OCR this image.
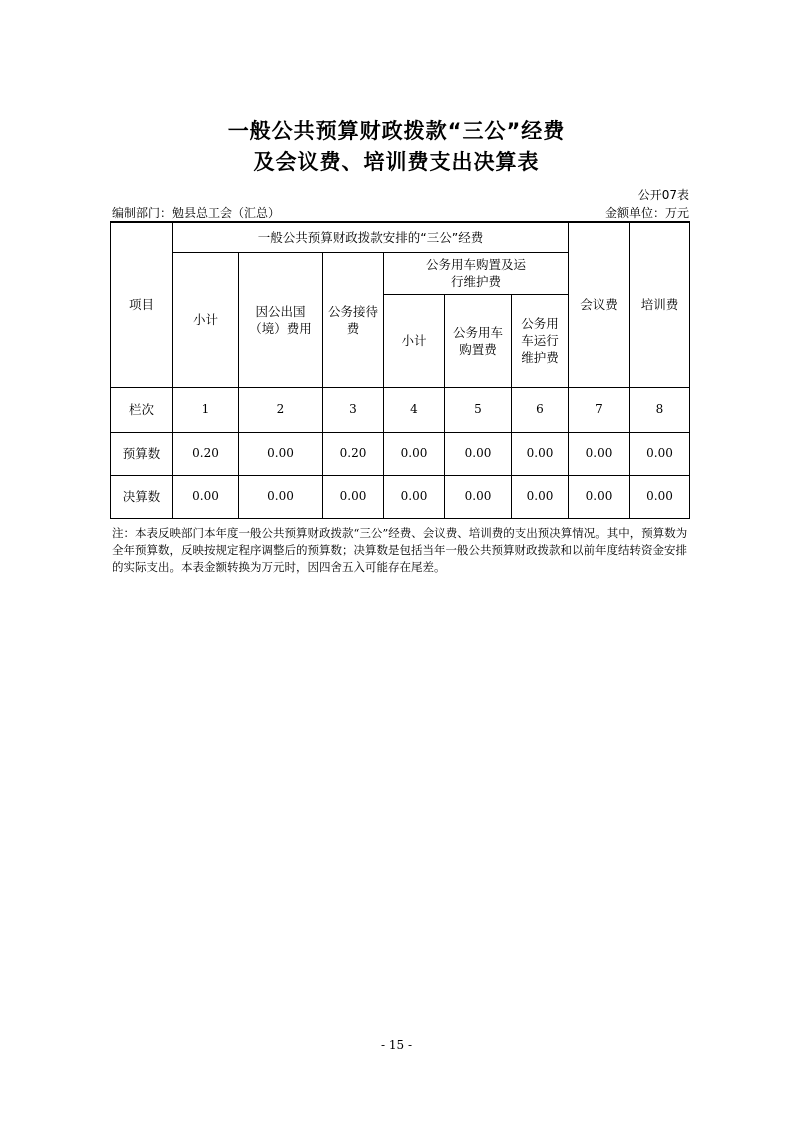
一般公共预算财政拨款“三公”经费
及会议费、培训费支出决算表
公开07表
编制部门：勉县总工会（汇总）	金额单位：万元
项目	一般公共预算财政拨款安排的“三公”经费						会议费	培训费
	小计	因公出国（境）费用	公务接待费	公务用车购置及运行维护费				
				小计	公务用车购置费	公务用车运行维护费		
栏次	1	2	3	4	5	6	7	8
预算数	0.20	0.00	0.20	0.00	0.00	0.00	0.00	0.00
决算数	0.00	0.00	0.00	0.00	0.00	0.00	0.00	0.00
注：本表反映部门本年度一般公共预算财政拨款“三公”经费、会议费、培训费的支出预决算情况。其中，预算数为全年预算数，反映按规定程序调整后的预算数；决算数是包括当年一般公共预算财政拨款和以前年度结转资金安排的实际支出。本表金额转换为万元时，因四舍五入可能存在尾差。
- 15 -
